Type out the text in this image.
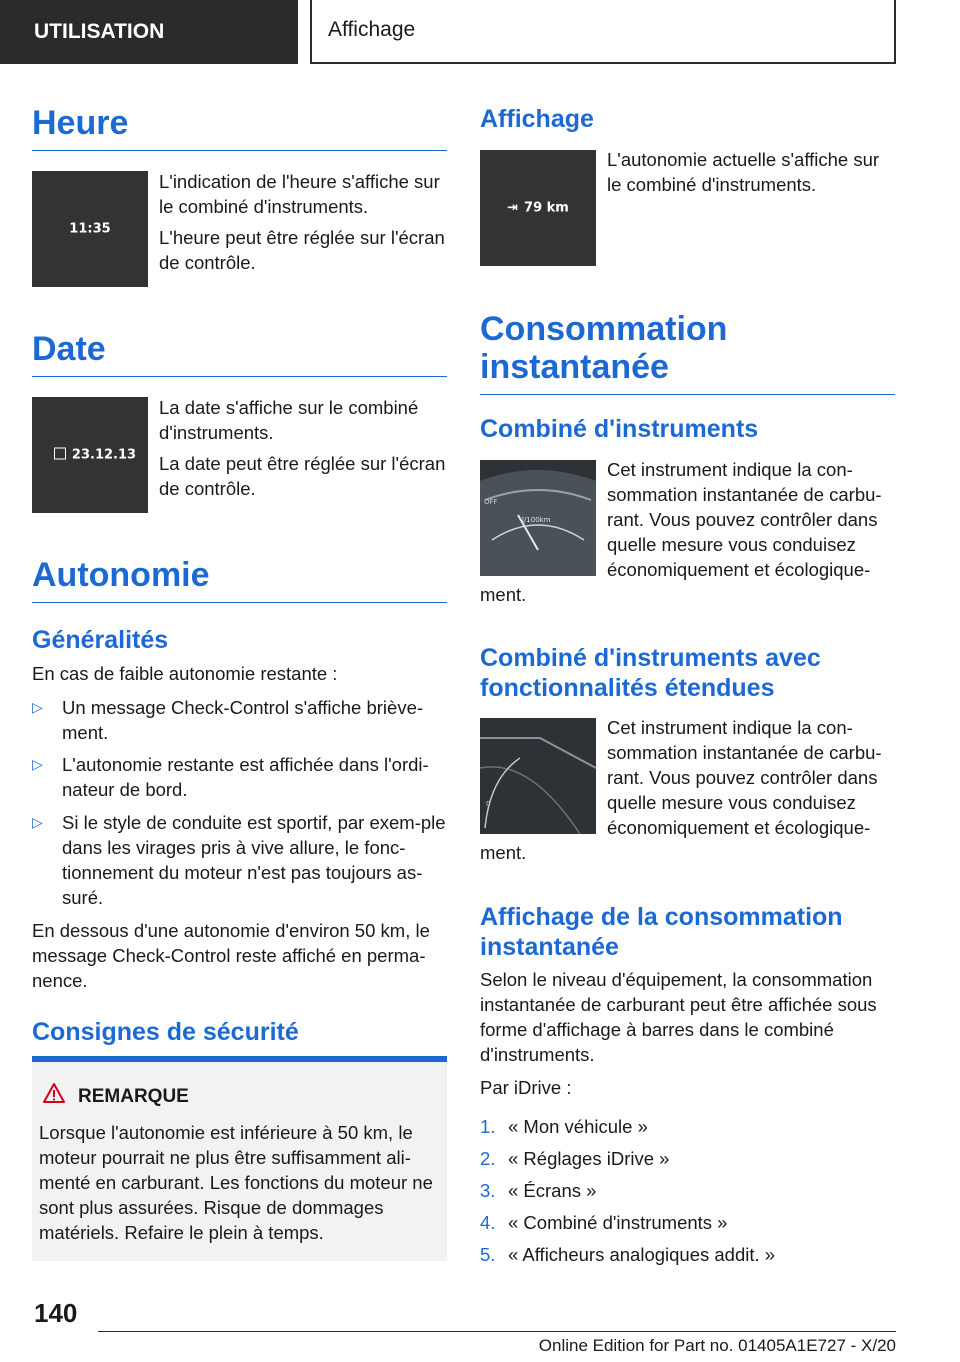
UTILISATION	Affichage
Heure
11:35

L'indication de l'heure s'affiche sur le combiné d'instruments.

L'heure peut être réglée sur l'écran de contrôle.

Date
23.12.13

La date s'affiche sur le combiné d'instruments.

La date peut être réglée sur l'écran de contrôle.

Autonomie
Généralités
En cas de faible autonomie restante :
▷ Un message Check-Control s'affiche briève-ment.
▷ L'autonomie restante est affichée dans l'ordi-nateur de bord.
▷ Si le style de conduite est sportif, par exem-ple dans les virages pris à vive allure, le fonc-tionnement du moteur n'est pas toujours as-suré.
En dessous d'une autonomie d'environ 50 km, le message Check-Control reste affiché en perma-nence.
Consignes de sécurité
REMARQUE
Lorsque l'autonomie est inférieure à 50 km, le moteur pourrait ne plus être suffisamment ali-menté en carburant. Les fonctions du moteur ne sont plus assurées. Risque de dommages matériels. Refaire le plein à temps.
Affichage
⇥ 79 km
L'autonomie actuelle s'affiche sur le combiné d'instruments.
Consommation instantanée
Combiné d'instruments
OFF
l/100km
Cet instrument indique la con-sommation instantanée de carbu-rant. Vous pouvez contrôler dans quelle mesure vous conduisez économiquement et écologique-
ment.
Combiné d'instruments avec fonctionnalités étendues
0
Cet instrument indique la con-sommation instantanée de carbu-rant. Vous pouvez contrôler dans quelle mesure vous conduisez économiquement et écologique-
ment.
Affichage de la consommation instantanée
Selon le niveau d'équipement, la consommation instantanée de carburant peut être affichée sous forme d'affichage à barres dans le combiné d'instruments.
Par iDrive :
1. « Mon véhicule »
2. « Réglages iDrive »
3. « Écrans »
4. « Combiné d'instruments »
5. « Afficheurs analogiques addit. »
140
Online Edition for Part no. 01405A1E727 - X/20
